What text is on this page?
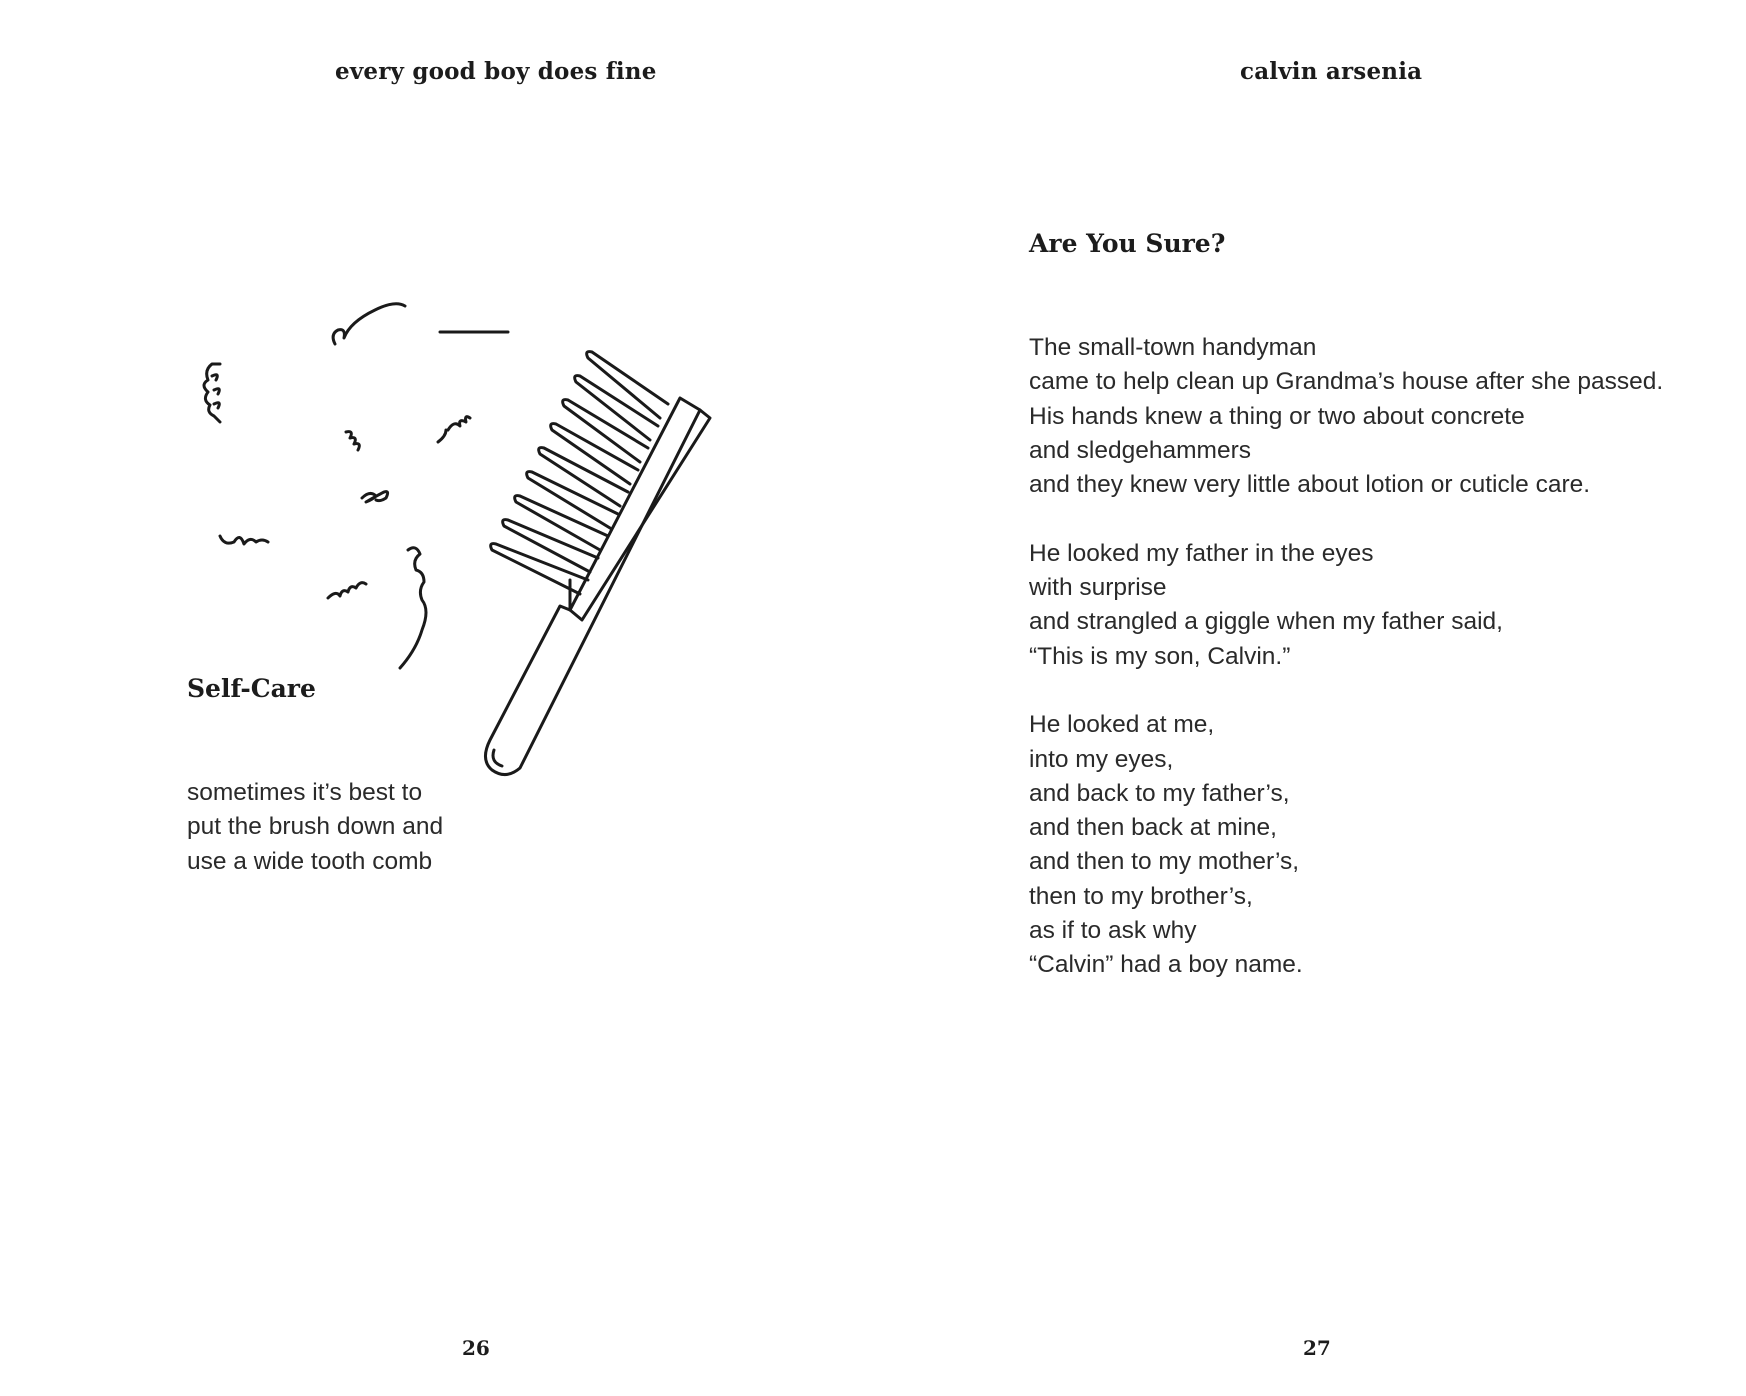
every good boy does fine
Self-Care
sometimes it’s best to
put the brush down and
use a wide tooth comb
26
calvin arsenia
Are You Sure?
The small-town handyman
came to help clean up Grandma’s house after she passed.
His hands knew a thing or two about concrete
and sledgehammers
and they knew very little about lotion or cuticle care.
He looked my father in the eyes
with surprise
and strangled a giggle when my father said,
“This is my son, Calvin.”
He looked at me,
into my eyes,
and back to my father’s,
and then back at mine,
and then to my mother’s,
then to my brother’s,
as if to ask why
“Calvin” had a boy name.
27
